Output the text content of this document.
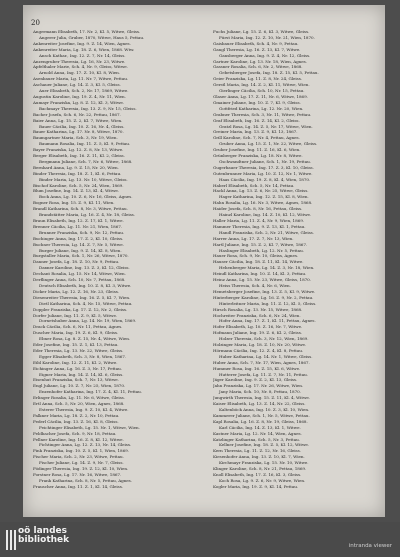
20
Angermann Elisabeth, 17. Nr. 2, Kl. 5, Witwe, Gleiss.
Angerer Julia, Gruber, 1870, Witwe, Haus 5, Pettau.
Ankenreiter Josefine, Ing. 9. Z. 14, Wien, Agnes.
Ankenreiter Maria, Lg. 18. Z. 6, Wien, 1868. Wtw.
Ansch Kathar., Ing. 12. Z. 7, Nr. 14, Gleiss.
Anzengruber Theresia, Lg. 16, Nr. 23, Witwe.
Apfelthaler Marie, Sch. 4, Nr. 9, Gleiss, Witwe.
Arnold Anna, Ing. 17. Z. 10, Kl. 8, Wien.
Asenbauer Maria, Lg. 11. Nr. 7, Witwe, Pettau.
Aschauer Juliane, Lg. 14. Z. 3, Kl. 5, Gleiss.
Auer Elisabeth, Sch. 2, Nr. 17, 1869, Witwe.
Augustin Karoline, Ing. 19. Z. 4, Nr. 11, Wien.
Aumayr Franziska, Lg. 8. Z. 12, Kl. 3, Witwe.
Bachmayr Theresia, Ing. 13. Z. 9, Nr. 15, Gleiss.
Bacher Josefa, Sch. 6, Nr. 22, Pettau, 1867.
Baier Anna, Lg. 15. Z. 2, Kl. 7, Witwe, Wien.
Bauer Cäcilia, Ing. 10. Z. 16, Nr. 4, Gleiss.
Bauer Katharina, Lg. 17. Nr. 8, Witwe, 1870.
Baumgartner Maria, Sch. 3, Nr. 19, Wien.
Baumann Rosalia, Ing. 11. Z. 5, Kl. 9, Pettau.
Bayer Franziska, Lg. 12. Z. 8, Nr. 13, Witwe.
Berger Elisabeth, Ing. 16. Z. 11, Kl. 2, Gleiss.
Bergmann Juliane, Sch. 7, Nr. 6, Witwe, 1868.
Bernhard Anna, Lg. 9. Z. 15, Nr. 20, Wien.
Binder Theresia, Ing. 18. Z. 1, Kl. 6, Pettau.
Binder Maria, Lg. 13. Nr. 10, Witwe, Gleiss.
Bischof Karoline, Sch. 5, Nr. 24, Wien, 1869.
Blum Josefine, Ing. 14. Z. 13, Kl. 4, Witwe.
Bock Anna, Lg. 10. Z. 6, Nr. 16, Gleiss, Agnes.
Bogner Rosa, Ing. 15. Z. 9, Kl. 11, Wien.
Brandl Katharina, Sch. 8, Nr. 3, Witwe, Pettau.
Brandstätter Maria, Lg. 16. Z. 4, Nr. 18, Gleiss.
Braun Elisabeth, Ing. 12. Z. 17, Kl. 1, Witwe.
Brenner Cäcilia, Lg. 11. Nr. 21, Wien, 1867.
Brunner Franziska, Sch. 9, Nr. 12, Pettau.
Buchinger Anna, Ing. 17. Z. 2, Kl. 10, Gleiss.
Buchner Theresia, Lg. 14. Z. 7, Nr. 5, Witwe.
Burger Juliane, Ing. 9. Z. 14, Kl. 8, Wien.
Burgstaller Maria, Sch. 1, Nr. 26, Witwe, 1870.
Danner Josefa, Lg. 18. Z. 10, Nr. 9, Pettau.
Daxner Karoline, Ing. 13. Z. 3, Kl. 12, Gleiss.
Dechant Rosalia, Lg. 15. Nr. 14, Witwe, Wien.
Derflinger Anna, Sch. 10, Nr. 7, Pettau, 1868.
Deutsch Elisabeth, Ing. 10. Z. 8, Kl. 3, Witwe.
Dicker Maria, Lg. 12. Z. 16, Nr. 23, Gleiss.
Diesenreiter Theresia, Ing. 16. Z. 5, Kl. 7, Wien.
Dietl Katharina, Sch. 4, Nr. 15, Witwe, Pettau.
Doppler Franziska, Lg. 17. Z. 12, Nr. 2, Gleiss.
Dorfer Juliane, Ing. 11. Z. 9, Kl. 5, Witwe.
Dornetshuber Anna, Lg. 14. Nr. 19, Wien, 1869.
Drack Cäcilia, Sch. 6, Nr. 11, Pettau, Agnes.
Duscher Maria, Ing. 19. Z. 6, Kl. 9, Gleiss.
Ebner Rosa, Lg. 8. Z. 15, Nr. 4, Witwe, Wien.
Eder Josefine, Ing. 15. Z. 1, Kl. 13, Pettau.
Eder Theresia, Lg. 13. Nr. 22, Witwe, Gleiss.
Egger Elisabeth, Sch. 3, Nr. 8, Wien, 1867.
Eibl Karoline, Ing. 12. Z. 11, Kl. 2, Witwe.
Eichinger Anna, Lg. 16. Z. 3, Nr. 17, Pettau.
Eigner Maria, Ing. 14. Z. 14, Kl. 6, Gleiss.
Eisenhut Franziska, Sch. 7, Nr. 13, Witwe.
Engl Juliane, Lg. 10. Z. 7, Nr. 25, Wien, 1870.
Enzenhofer Katharina, Ing. 17. Z. 4, Kl. 11, Pettau.
Erlinger Rosalia, Lg. 11. Nr. 6, Witwe, Gleiss.
Ertl Anna, Sch. 5, Nr. 20, Wien, Agnes, 1868.
Esterer Theresia, Ing. 9. Z. 10, Kl. 4, Witwe.
Falkner Maria, Lg. 18. Z. 2, Nr. 10, Pettau.
Federl Cäcilia, Ing. 13. Z. 16, Kl. 8, Gleiss.
Feichtinger Elisabeth, Lg. 15. Nr. 1, Witwe, Wien.
Feldbacher Josefa, Sch. 9, Nr. 18, Pettau.
Fellner Karoline, Ing. 16. Z. 8, Kl. 12, Witwe.
Fichtinger Anna, Lg. 12. Z. 13, Nr. 14, Gleiss.
Fink Franziska, Ing. 10. Z. 5, Kl. 1, Wien, 1869.
Fischer Maria, Sch. 2, Nr. 23, Witwe, Pettau.
Fischer Juliane, Lg. 14. Z. 9, Nr. 7, Gleiss.
Födinger Theresia, Ing. 19. Z. 12, Kl. 10, Wien.
Forstner Rosa, Lg. 17. Nr. 16, Witwe, 1867.
Frank Katharina, Sch. 8, Nr. 5, Pettau, Agnes.
Frauscher Anna, Ing. 11. Z. 1, Kl. 14, Gleiss.
Fuchs Juliane, Lg. 15. Z. 6, Kl. 3, Witwe, Gleiss.
Fürst Maria, Ing. 12. Z. 10, Nr. 21, Wien, 1870.
Gaisbauer Elisabeth, Sch. 4, Nr. 9, Pettau.
Gangl Theresia, Lg. 16. Z. 13, Kl. 7, Witwe.
Gansberger Anna, Ing. 9. Z. 4, Nr. 12, Gleiss.
Gartner Karoline, Lg. 13. Nr. 18, Wien, Agnes.
Gassner Rosalia, Sch. 6, Nr. 2, Witwe, 1868.
Gebetsberger Josefa, Ing. 18. Z. 15, Kl. 5, Pettau.
Geier Franziska, Lg. 11. Z. 8, Nr. 24, Gleiss.
Gerstl Maria, Ing. 14. Z. 2, Kl. 11, Witwe, Wien.
Gierlinger Cäcilia, Sch. 10, Nr. 15, Pettau.
Glaser Anna, Lg. 17. Z. 11, Nr. 6, Witwe, 1869.
Gmainer Juliane, Ing. 10. Z. 7, Kl. 9, Gleiss.
Gottfried Katharina, Lg. 12. Nr. 20, Wien.
Grabner Theresia, Sch. 3, Nr. 11, Witwe, Pettau.
Graf Elisabeth, Ing. 16. Z. 14, Kl. 2, Gleiss.
Gratzl Rosa, Lg. 14. Z. 5, Nr. 17, Witwe, Wien.
Greiner Maria, Ing. 13. Z. 9, Kl. 13, 1867.
Grill Karoline, Sch. 7, Nr. 4, Pettau, Agnes.
Gruber Anna, Lg. 15. Z. 1, Nr. 22, Witwe, Gleiss.
Gruber Josefine, Ing. 11. Z. 16, Kl. 6, Wien.
Grünberger Franziska, Lg. 18. Nr. 8, Witwe.
Gschwandtner Juliane, Sch. 1, Nr. 19, Pettau.
Gugerbauer Theresia, Ing. 17. Z. 3, Kl. 10, Gleiss.
Gutenbrunner Maria, Lg. 10. Z. 12, Nr. 1, Witwe.
Haas Cäcilia, Ing. 19. Z. 8, Kl. 4, Wien, 1870.
Haberl Elisabeth, Sch. 5, Nr. 14, Pettau.
Hackl Anna, Lg. 13. Z. 6, Nr. 25, Witwe, Gleiss.
Hager Katharina, Ing. 12. Z. 15, Kl. 8, Wien.
Hahn Rosalia, Lg. 16. Nr. 3, Witwe, Agnes, 1868.
Haider Josefa, Sch. 8, Nr. 16, Pettau, Gleiss.
Hainzl Karoline, Ing. 14. Z. 10, Kl. 12, Witwe.
Haller Maria, Lg. 11. Z. 4, Nr. 9, Wien, 1869.
Hammer Theresia, Ing. 9. Z. 13, Kl. 1, Pettau.
Handl Franziska, Sch. 2, Nr. 21, Witwe, Gleiss.
Harrer Anna, Lg. 17. Z. 7, Nr. 13, Wien.
Hartl Juliane, Ing. 15. Z. 2, Kl. 7, Witwe, 1867.
Haslinger Elisabeth, Lg. 12. Nr. 5, Pettau.
Hauer Rosa, Sch. 9, Nr. 10, Gleiss, Agnes.
Hauser Cäcilia, Ing. 18. Z. 11, Kl. 14, Witwe.
Hehenberger Maria, Lg. 14. Z. 3, Nr. 18, Wien.
Heindl Katharina, Ing. 10. Z. 14, Kl. 3, Pettau.
Heinz Anna, Lg. 15. Nr. 23, Witwe, Gleiss, 1870.
Heiss Theresia, Sch. 4, Nr. 6, Wien.
Hemetsberger Josefine, Ing. 13. Z. 5, Kl. 9, Witwe.
Hinterberger Karoline, Lg. 16. Z. 9, Nr. 2, Pettau.
Hinterleitner Maria, Ing. 11. Z. 12, Kl. 5, Gleiss.
Hirsch Rosalia, Lg. 13. Nr. 15, Witwe, 1868.
Hochreiter Franziska, Sch. 6, Nr. 24, Wien.
Hofer Anna, Ing. 17. Z. 1, Kl. 11, Pettau, Agnes.
Hofer Elisabeth, Lg. 10. Z. 16, Nr. 7, Witwe.
Hofmann Juliane, Ing. 19. Z. 6, Kl. 2, Gleiss.
Holzer Theresia, Sch. 3, Nr. 12, Wien, 1869.
Holzinger Maria, Lg. 18. Z. 10, Nr. 20, Witwe.
Hörmann Cäcilia, Ing. 12. Z. 4, Kl. 8, Pettau.
Huber Katharina, Lg. 14. Nr. 1, Witwe, Gleiss.
Huber Anna, Sch. 7, Nr. 17, Wien, Agnes, 1867.
Hummer Rosa, Ing. 16. Z. 15, Kl. 6, Witwe.
Hutterer Josefa, Lg. 11. Z. 7, Nr. 11, Pettau.
Jäger Karoline, Ing. 9. Z. 2, Kl. 13, Gleiss.
Jahn Franziska, Lg. 17. Nr. 26, Witwe, Wien.
Jany Maria, Sch. 10, Nr. 8, Pettau, 1870.
Jungwirth Theresia, Ing. 15. Z. 11, Kl. 4, Witwe.
Kaiser Elisabeth, Lg. 13. Z. 14, Nr. 22, Gleiss.
Kaltenböck Anna, Ing. 10. Z. 3, Kl. 10, Wien.
Kammerer Juliane, Sch. 1, Nr. 5, Witwe, Pettau.
Kapl Rosalia, Lg. 16. Z. 8, Nr. 19, Gleiss, 1868.
Karl Cäcilia, Ing. 14. Z. 13, Kl. 1, Witwe.
Kastner Maria, Lg. 12. Nr. 14, Wien, Agnes.
Katzlinger Katharina, Sch. 5, Nr. 3, Pettau.
Kellner Josefine, Ing. 18. Z. 5, Kl. 12, Witwe.
Kern Theresia, Lg. 11. Z. 12, Nr. 16, Gleiss.
Kiesenhofer Anna, Ing. 13. Z. 10, Kl. 7, Wien.
Kirchmayr Franziska, Lg. 15. Nr. 10, Witwe.
Klinger Karoline, Sch. 8, Nr. 21, Pettau, 1869.
Knoll Elisabeth, Ing. 17. Z. 16, Kl. 3, Gleiss.
Koch Rosa, Lg. 9. Z. 6, Nr. 9, Witwe, Wien.
Kogler Maria, Ing. 19. Z. 9, Kl. 14, Pettau.
oö landes
bibliothek
intranda viewer
